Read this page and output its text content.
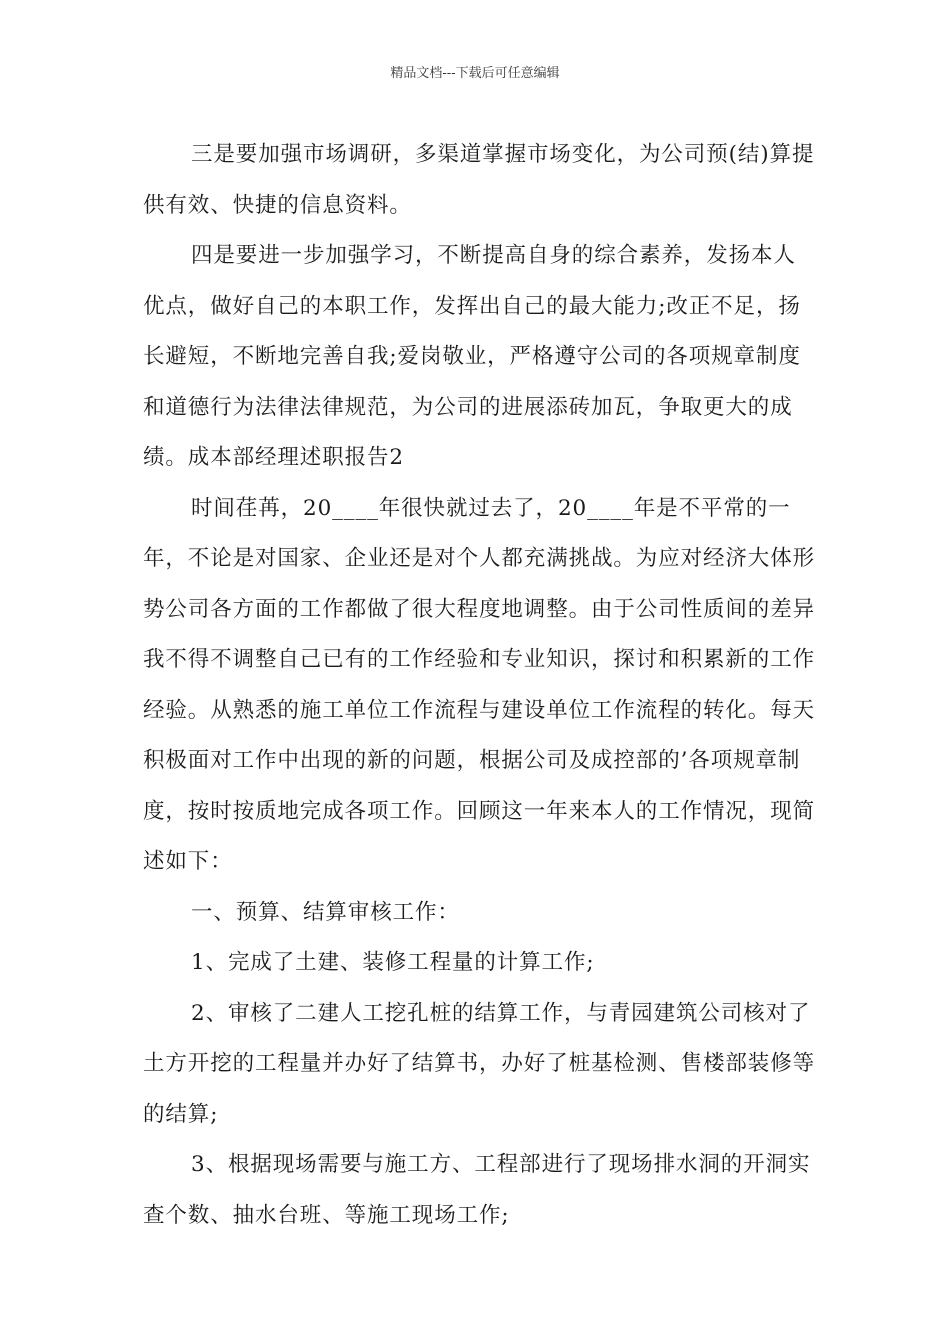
精品文档---下载后可任意编辑

三是要加强市场调研，多渠道掌握市场变化，为公司预(结)算提供有效、快捷的信息资料。

四是要进一步加强学习，不断提高自身的综合素养，发扬本人优点，做好自己的本职工作，发挥出自己的最大能力;改正不足，扬长避短，不断地完善自我;爱岗敬业，严格遵守公司的各项规章制度和道德行为法律法律规范，为公司的进展添砖加瓦，争取更大的成绩。成本部经理述职报告2

时间荏苒，20____年很快就过去了，20____年是不平常的一年，不论是对国家、企业还是对个人都充满挑战。为应对经济大体形势公司各方面的工作都做了很大程度地调整。由于公司性质间的差异我不得不调整自己已有的工作经验和专业知识，探讨和积累新的工作经验。从熟悉的施工单位工作流程与建设单位工作流程的转化。每天积极面对工作中出现的新的问题，根据公司及成控部的’各项规章制度，按时按质地完成各项工作。回顾这一年来本人的工作情况，现简述如下：

一、预算、结算审核工作：

1、完成了土建、装修工程量的计算工作;

2、审核了二建人工挖孔桩的结算工作，与青园建筑公司核对了土方开挖的工程量并办好了结算书，办好了桩基检测、售楼部装修等的结算;

3、根据现场需要与施工方、工程部进行了现场排水洞的开洞实查个数、抽水台班、等施工现场工作;
